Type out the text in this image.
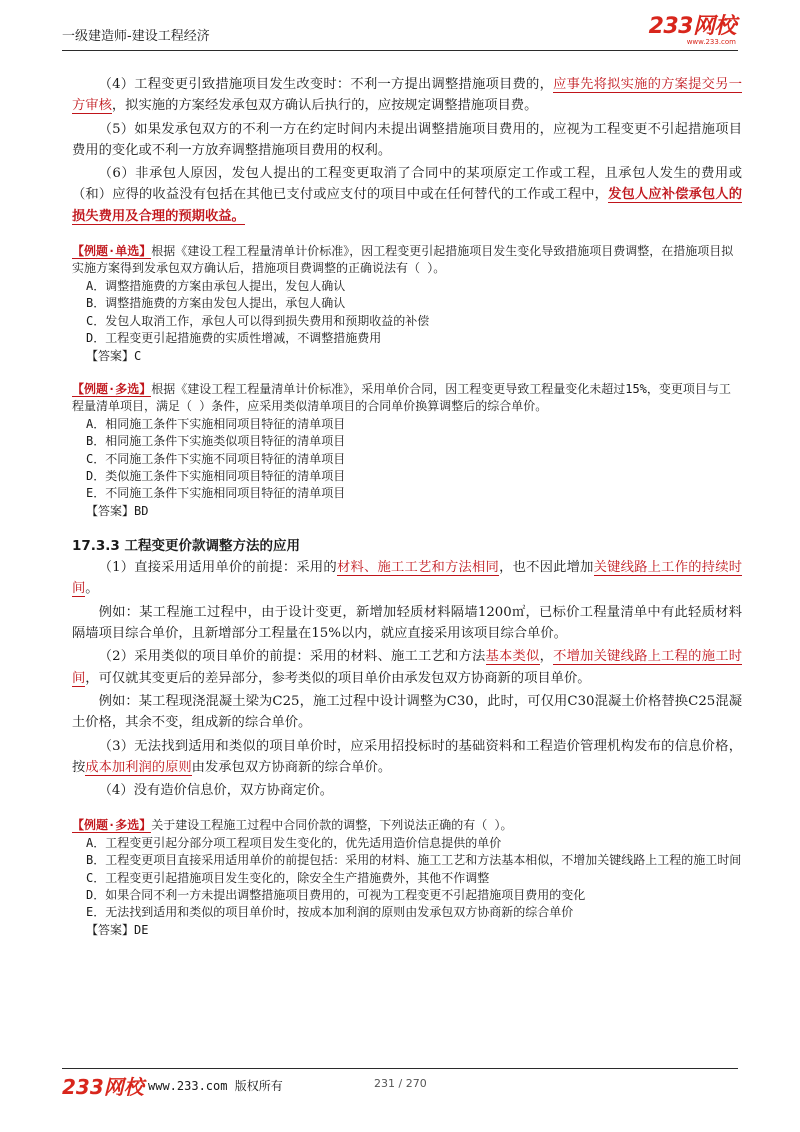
一级建造师-建设工程经济	233网校
www.233.com

（4）工程变更引致措施项目发生改变时：不利一方提出调整措施项目费的，应事先将拟实施的方案提交另一方审核，拟实施的方案经发承包双方确认后执行的，应按规定调整措施项目费。

（5）如果发承包双方的不利一方在约定时间内未提出调整措施项目费用的，应视为工程变更不引起措施项目费用的变化或不利一方放弃调整措施项目费用的权利。

（6）非承包人原因，发包人提出的工程变更取消了合同中的某项原定工作或工程，且承包人发生的费用或（和）应得的收益没有包括在其他已支付或应支付的项目中或在任何替代的工作或工程中，发包人应补偿承包人的损失费用及合理的预期收益。

【例题·单选】根据《建设工程工程量清单计价标准》，因工程变更引起措施项目发生变化导致措施项目费调整，在措施项目拟实施方案得到发承包双方确认后，措施项目费调整的正确说法有（ ）。
A．调整措施费的方案由承包人提出，发包人确认
B．调整措施费的方案由发包人提出，承包人确认
C．发包人取消工作，承包人可以得到损失费用和预期收益的补偿
D．工程变更引起措施费的实质性增减，不调整措施费用
【答案】C
【例题·多选】根据《建设工程工程量清单计价标准》，采用单价合同，因工程变更导致工程量变化未超过15%，变更项目与工程量清单项目，满足（ ）条件，应采用类似清单项目的合同单价换算调整后的综合单价。
A．相同施工条件下实施相同项目特征的清单项目
B．相同施工条件下实施类似项目特征的清单项目
C．不同施工条件下实施不同项目特征的清单项目
D．类似施工条件下实施相同项目特征的清单项目
E．不同施工条件下实施相同项目特征的清单项目
【答案】BD

17.3.3 工程变更价款调整方法的应用

（1）直接采用适用单价的前提：采用的材料、施工工艺和方法相同，也不因此增加关键线路上工作的持续时间。

例如：某工程施工过程中，由于设计变更，新增加轻质材料隔墙1200㎡，已标价工程量清单中有此轻质材料隔墙项目综合单价，且新增部分工程量在15%以内，就应直接采用该项目综合单价。

（2）采用类似的项目单价的前提：采用的材料、施工工艺和方法基本类似，不增加关键线路上工程的施工时间，可仅就其变更后的差异部分，参考类似的项目单价由承发包双方协商新的项目单价。

例如：某工程现浇混凝土梁为C25，施工过程中设计调整为C30，此时，可仅用C30混凝土价格替换C25混凝土价格，其余不变，组成新的综合单价。

（3）无法找到适用和类似的项目单价时，应采用招投标时的基础资料和工程造价管理机构发布的信息价格，按成本加利润的原则由发承包双方协商新的综合单价。

（4）没有造价信息价，双方协商定价。

【例题·多选】关于建设工程施工过程中合同价款的调整，下列说法正确的有（ ）。
A．工程变更引起分部分项工程项目发生变化的，优先适用造价信息提供的单价
B．工程变更项目直接采用适用单价的前提包括：采用的材料、施工工艺和方法基本相似，不增加关键线路上工程的施工时间
C．工程变更引起措施项目发生变化的，除安全生产措施费外，其他不作调整
D．如果合同不利一方未提出调整措施项目费用的，可视为工程变更不引起措施项目费用的变化
E．无法找到适用和类似的项目单价时，按成本加利润的原则由发承包双方协商新的综合单价
【答案】DE
233网校 www.233.com 版权所有	231 / 270
